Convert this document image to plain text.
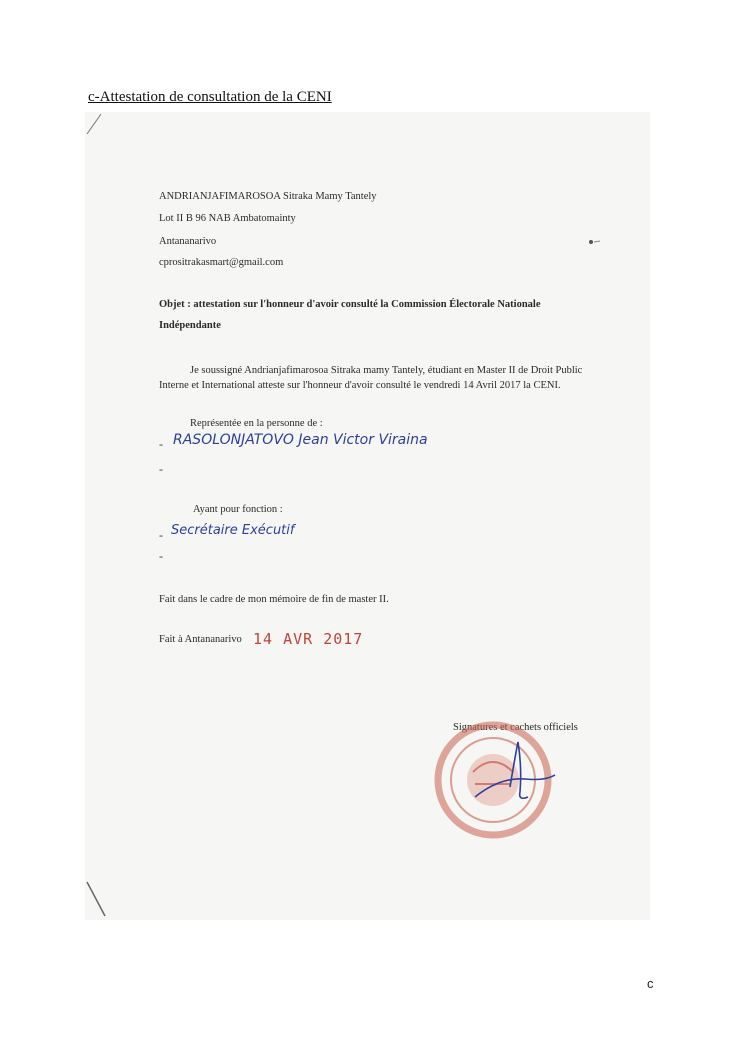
c-Attestation de consultation de la CENI
ANDRIANJAFIMAROSOA Sitraka Mamy Tantely
Lot II B 96 NAB Ambatomainty
Antananarivo
cprositrakasmart@gmail.com
Objet : attestation sur l'honneur d'avoir consulté la Commission Électorale Nationale
Indépendante
Je soussigné Andrianjafimarosoa Sitraka mamy Tantely, étudiant en Master II de Droit Public Interne et International atteste sur l'honneur d'avoir consulté le vendredi 14 Avril 2017 la CENI.
Représentée en la personne de :
- RASOLONJATOVO Jean Victor Viraina
-
Ayant pour fonction :
- Secrétaire Exécutif
-
Fait dans le cadre de mon mémoire de fin de master II.
Fait à Antananarivo 14 AVR 2017
Signatures et cachets officiels
c
